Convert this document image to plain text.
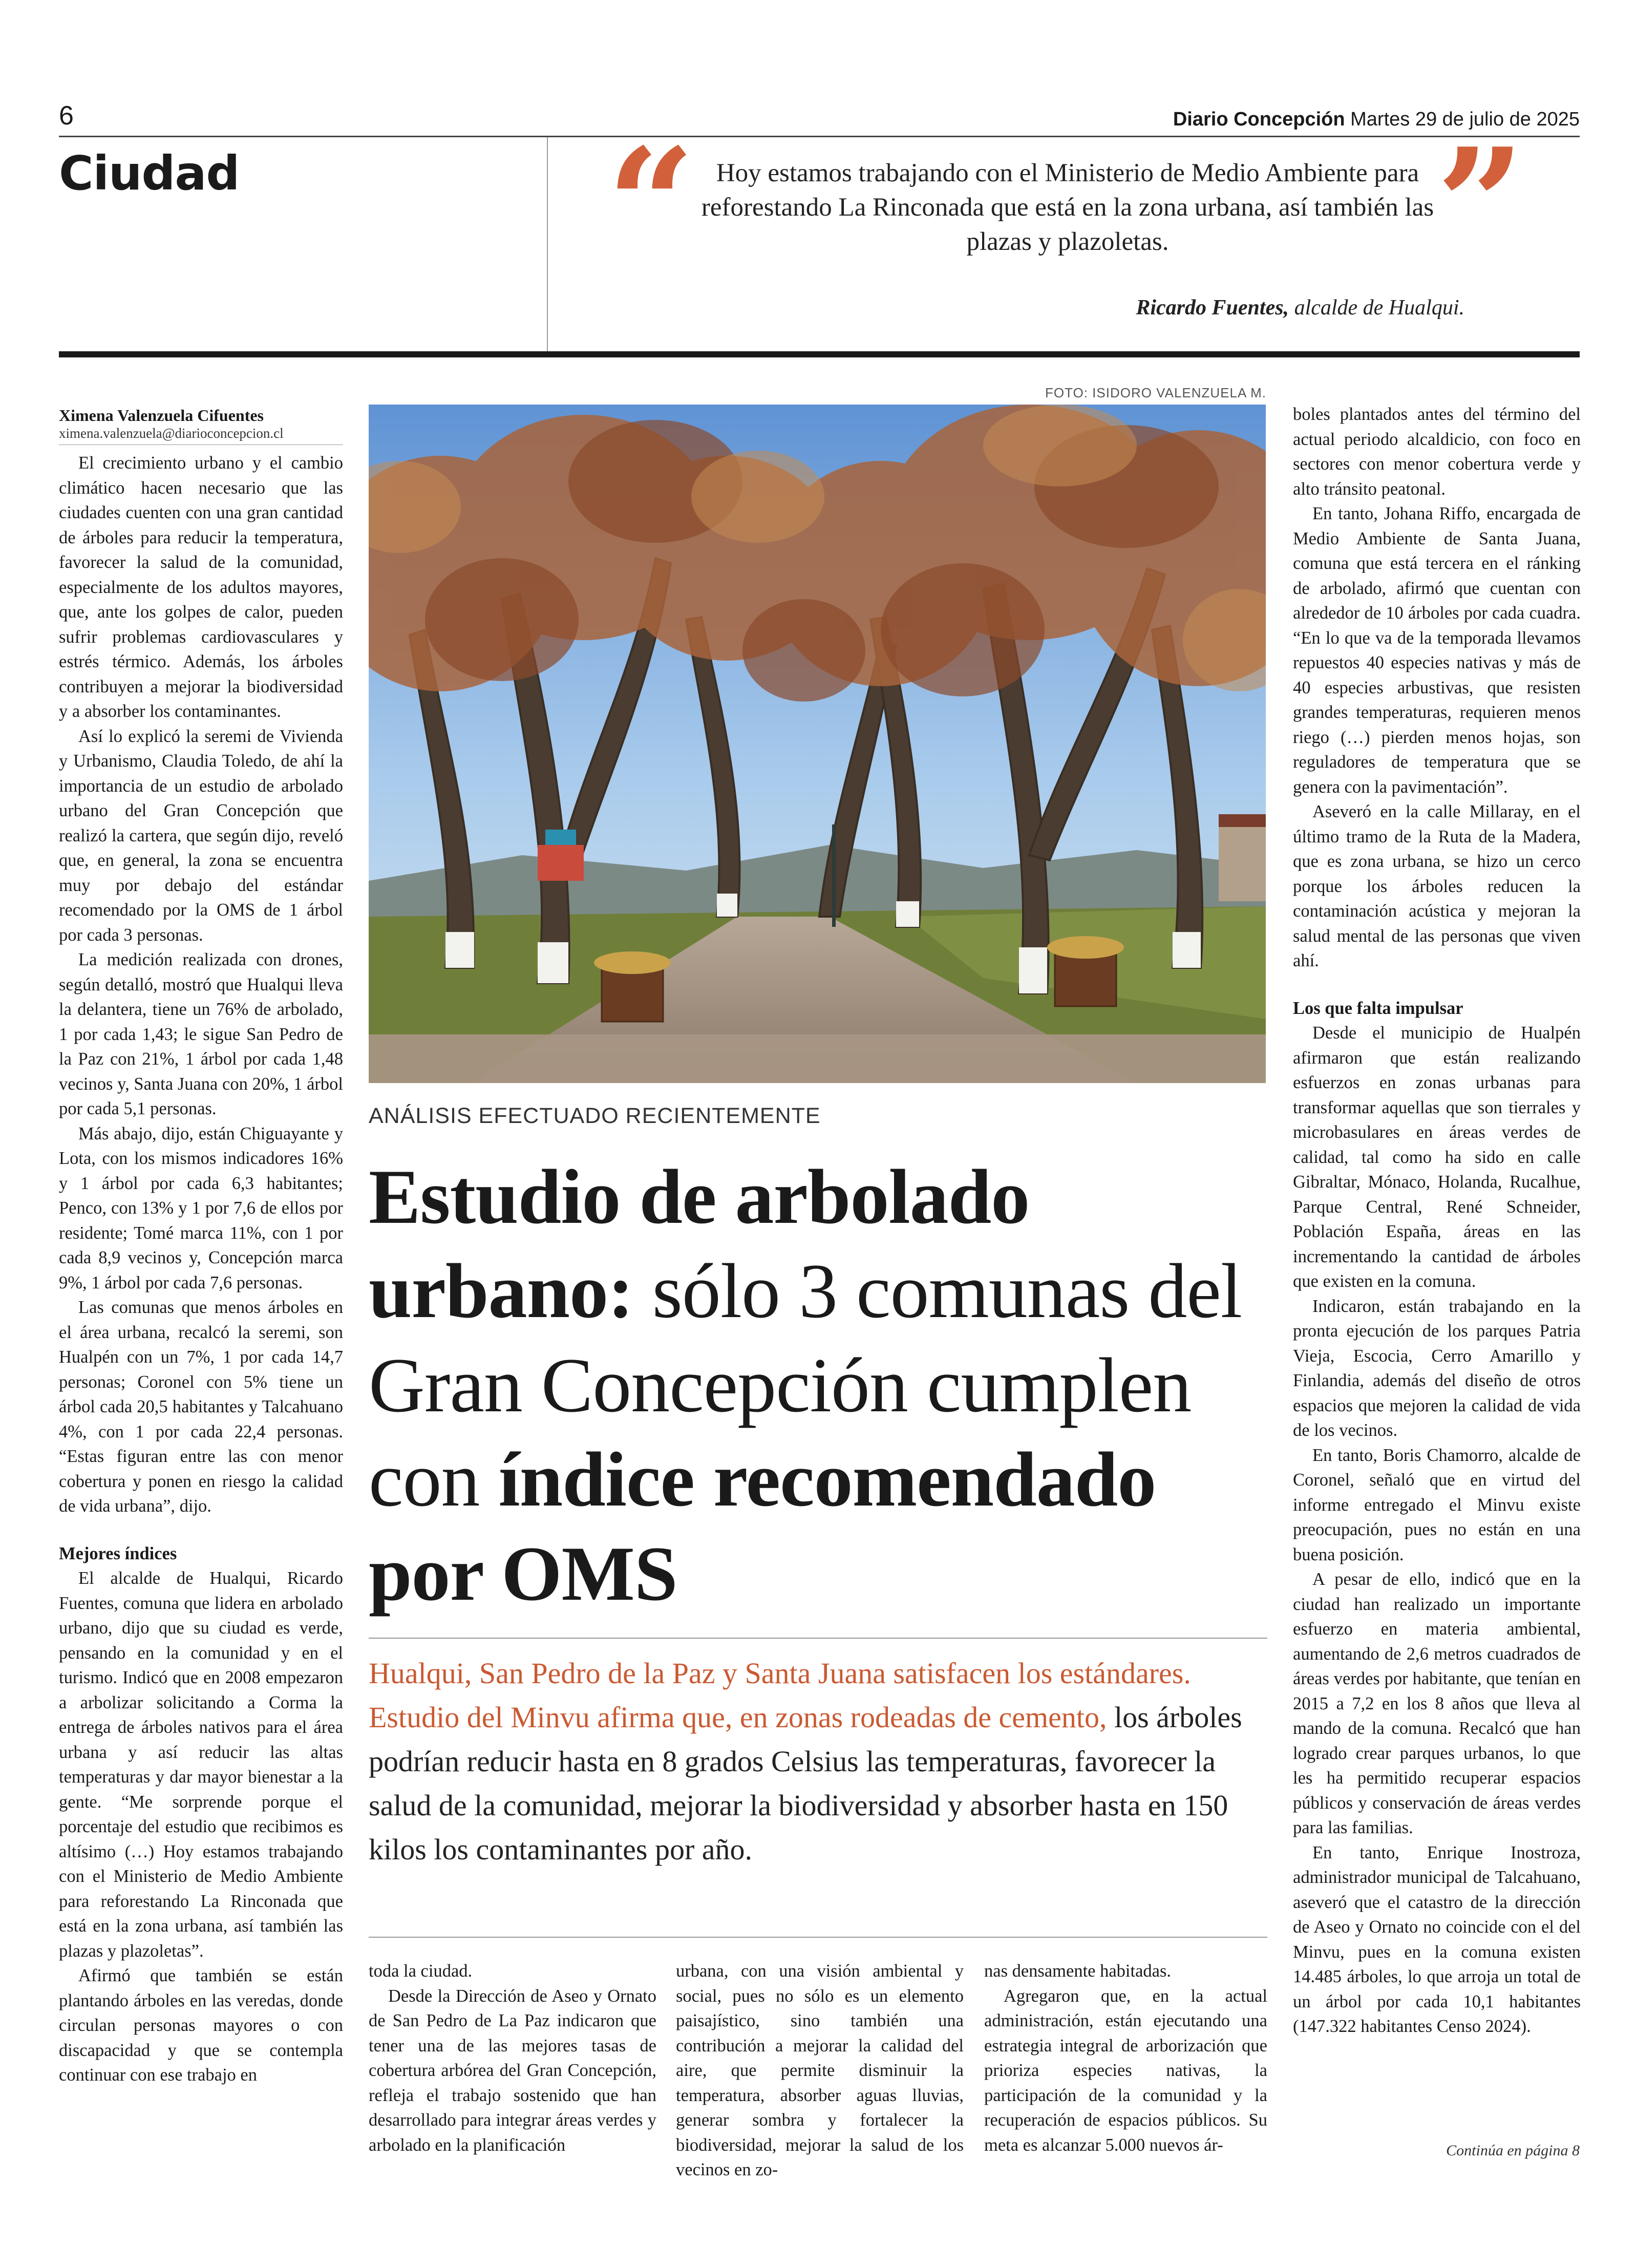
6	Diario Concepción Martes 29 de julio de 2025
Ciudad “	”
Hoy estamos trabajando con el Ministerio de Medio Ambiente para reforestando La Rinconada que está en la zona urbana, así también las plazas y plazoletas.
Ricardo Fuentes, alcalde de Hualqui.
Ximena Valenzuela Cifuentes
ximena.valenzuela@diarioconcepcion.cl

El crecimiento urbano y el cambio climático hacen necesario que las ciudades cuenten con una gran cantidad de árboles para reducir la temperatura, favorecer la salud de la comunidad, especialmente de los adultos mayores, que, ante los golpes de calor, pueden sufrir problemas cardiovasculares y estrés térmico. Además, los árboles contribuyen a mejorar la biodiversidad y a absorber los contaminantes.

Así lo explicó la seremi de Vivienda y Urbanismo, Claudia Toledo, de ahí la importancia de un estudio de arbolado urbano del Gran Concepción que realizó la cartera, que según dijo, reveló que, en general, la zona se encuentra muy por debajo del estándar recomendado por la OMS de 1 árbol por cada 3 personas.

La medición realizada con drones, según detalló, mostró que Hualqui lleva la delantera, tiene un 76% de arbolado, 1 por cada 1,43; le sigue San Pedro de la Paz con 21%, 1 árbol por cada 1,48 vecinos y, Santa Juana con 20%, 1 árbol por cada 5,1 personas.

Más abajo, dijo, están Chiguayante y Lota, con los mismos indicadores 16% y 1 árbol por cada 6,3 habitantes; Penco, con 13% y 1 por 7,6 de ellos por residente; Tomé marca 11%, con 1 por cada 8,9 vecinos y, Concepción marca 9%, 1 árbol por cada 7,6 personas.

Las comunas que menos árboles en el área urbana, recalcó la seremi, son Hualpén con un 7%, 1 por cada 14,7 personas; Coronel con 5% tiene un árbol cada 20,5 habitantes y Talcahuano 4%, con 1 por cada 22,4 personas. “Estas figuran entre las con menor cobertura y ponen en riesgo la calidad de vida urbana”, dijo.

Mejores índices

El alcalde de Hualqui, Ricardo Fuentes, comuna que lidera en arbolado urbano, dijo que su ciudad es verde, pensando en la comunidad y en el turismo. Indicó que en 2008 empezaron a arbolizar solicitando a Corma la entrega de árboles nativos para el área urbana y así reducir las altas temperaturas y dar mayor bienestar a la gente. “Me sorprende porque el porcentaje del estudio que recibimos es altísimo (…) Hoy estamos trabajando con el Ministerio de Medio Ambiente para reforestando La Rinconada que está en la zona urbana, así también las plazas y plazoletas”.

Afirmó que también se están plantando árboles en las veredas, donde circulan personas mayores o con discapacidad y que se contempla continuar con ese trabajo en

FOTO: ISIDORO VALENZUELA M.
ANÁLISIS EFECTUADO RECIENTEMENTE
Estudio de arbolado urbano: sólo 3 comunas del Gran Concepción cumplen con índice recomendado por OMS
Hualqui, San Pedro de la Paz y Santa Juana satisfacen los estándares. Estudio del Minvu afirma que, en zonas rodeadas de cemento, los árboles podrían reducir hasta en 8 grados Celsius las temperaturas, favorecer la salud de la comunidad, mejorar la biodiversidad y absorber hasta en 150 kilos los contaminantes por año.

toda la ciudad.

Desde la Dirección de Aseo y Ornato de San Pedro de La Paz indicaron que tener una de las mejores tasas de cobertura arbórea del Gran Concepción, refleja el trabajo sostenido que han desarrollado para integrar áreas verdes y arbolado en la planificación

urbana, con una visión ambiental y social, pues no sólo es un elemento paisajístico, sino también una contribución a mejorar la calidad del aire, que permite disminuir la temperatura, absorber aguas lluvias, generar sombra y fortalecer la biodiversidad, mejorar la salud de los vecinos en zo-

nas densamente habitadas.

Agregaron que, en la actual administración, están ejecutando una estrategia integral de arborización que prioriza especies nativas, la participación de la comunidad y la recuperación de espacios públicos. Su meta es alcanzar 5.000 nuevos ár-

boles plantados antes del término del actual periodo alcaldicio, con foco en sectores con menor cobertura verde y alto tránsito peatonal.

En tanto, Johana Riffo, encargada de Medio Ambiente de Santa Juana, comuna que está tercera en el ránking de arbolado, afirmó que cuentan con alrededor de 10 árboles por cada cuadra. “En lo que va de la temporada llevamos repuestos 40 especies nativas y más de 40 especies arbustivas, que resisten grandes temperaturas, requieren menos riego (…) pierden menos hojas, son reguladores de temperatura que se genera con la pavimentación”.

Aseveró en la calle Millaray, en el último tramo de la Ruta de la Madera, que es zona urbana, se hizo un cerco porque los árboles reducen la contaminación acústica y mejoran la salud mental de las personas que viven ahí.

Los que falta impulsar

Desde el municipio de Hualpén afirmaron que están realizando esfuerzos en zonas urbanas para transformar aquellas que son tierrales y microbasulares en áreas verdes de calidad, tal como ha sido en calle Gibraltar, Mónaco, Holanda, Rucalhue, Parque Central, René Schneider, Población España, áreas en las incrementando la cantidad de árboles que existen en la comuna.

Indicaron, están trabajando en la pronta ejecución de los parques Patria Vieja, Escocia, Cerro Amarillo y Finlandia, además del diseño de otros espacios que mejoren la calidad de vida de los vecinos.

En tanto, Boris Chamorro, alcalde de Coronel, señaló que en virtud del informe entregado el Minvu existe preocupación, pues no están en una buena posición.

A pesar de ello, indicó que en la ciudad han realizado un importante esfuerzo en materia ambiental, aumentando de 2,6 metros cuadrados de áreas verdes por habitante, que tenían en 2015 a 7,2 en los 8 años que lleva al mando de la comuna. Recalcó que han logrado crear parques urbanos, lo que les ha permitido recuperar espacios públicos y conservación de áreas verdes para las familias.

En tanto, Enrique Inostroza, administrador municipal de Talcahuano, aseveró que el catastro de la dirección de Aseo y Ornato no coincide con el del Minvu, pues en la comuna existen 14.485 árboles, lo que arroja un total de un árbol por cada 10,1 habitantes (147.322 habitantes Censo 2024).

Continúa en página 8
